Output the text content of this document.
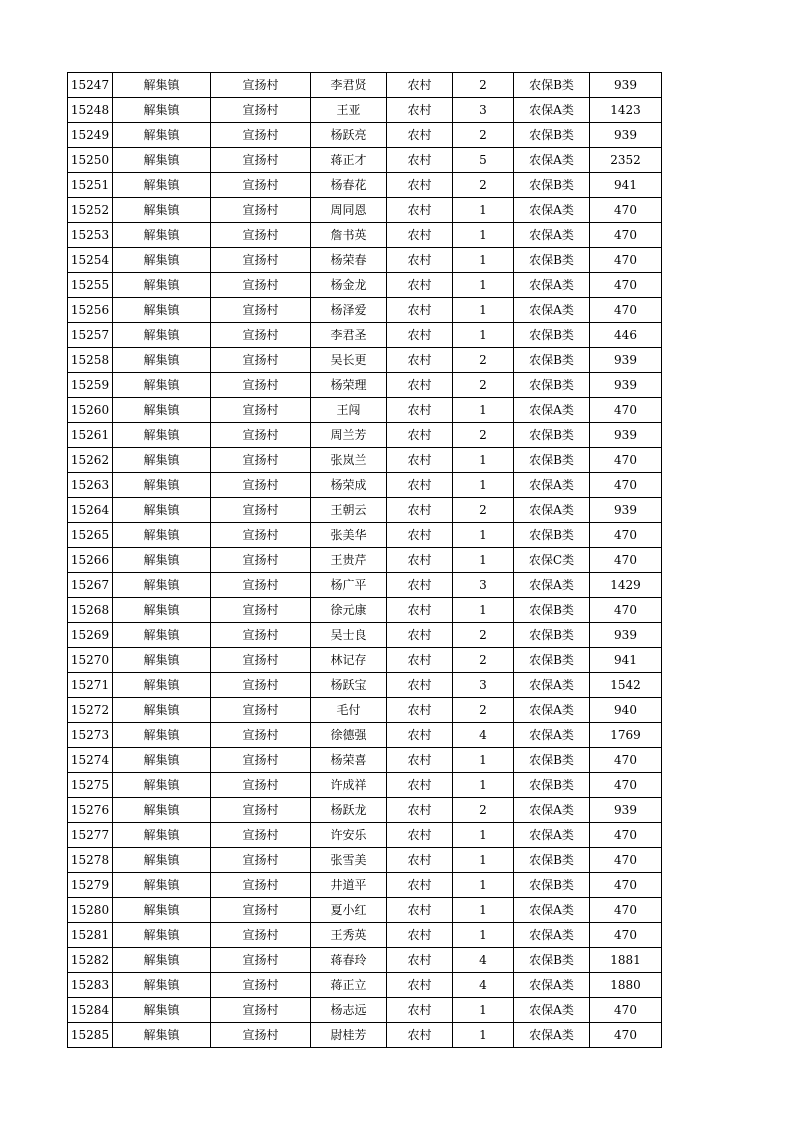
15247	解集镇	宣扬村	李君贤	农村	2	农保B类	939
15248	解集镇	宣扬村	王亚	农村	3	农保A类	1423
15249	解集镇	宣扬村	杨跃亮	农村	2	农保B类	939
15250	解集镇	宣扬村	蒋正才	农村	5	农保A类	2352
15251	解集镇	宣扬村	杨春花	农村	2	农保B类	941
15252	解集镇	宣扬村	周同恩	农村	1	农保A类	470
15253	解集镇	宣扬村	詹书英	农村	1	农保A类	470
15254	解集镇	宣扬村	杨荣春	农村	1	农保B类	470
15255	解集镇	宣扬村	杨金龙	农村	1	农保A类	470
15256	解集镇	宣扬村	杨泽爱	农村	1	农保A类	470
15257	解集镇	宣扬村	李君圣	农村	1	农保B类	446
15258	解集镇	宣扬村	吴长更	农村	2	农保B类	939
15259	解集镇	宣扬村	杨荣理	农村	2	农保B类	939
15260	解集镇	宣扬村	王闯	农村	1	农保A类	470
15261	解集镇	宣扬村	周兰芳	农村	2	农保B类	939
15262	解集镇	宣扬村	张岚兰	农村	1	农保B类	470
15263	解集镇	宣扬村	杨荣成	农村	1	农保A类	470
15264	解集镇	宣扬村	王朝云	农村	2	农保A类	939
15265	解集镇	宣扬村	张美华	农村	1	农保B类	470
15266	解集镇	宣扬村	王贵芹	农村	1	农保C类	470
15267	解集镇	宣扬村	杨广平	农村	3	农保A类	1429
15268	解集镇	宣扬村	徐元康	农村	1	农保B类	470
15269	解集镇	宣扬村	吴士良	农村	2	农保B类	939
15270	解集镇	宣扬村	林记存	农村	2	农保B类	941
15271	解集镇	宣扬村	杨跃宝	农村	3	农保A类	1542
15272	解集镇	宣扬村	毛付	农村	2	农保A类	940
15273	解集镇	宣扬村	徐德强	农村	4	农保A类	1769
15274	解集镇	宣扬村	杨荣喜	农村	1	农保B类	470
15275	解集镇	宣扬村	许成祥	农村	1	农保B类	470
15276	解集镇	宣扬村	杨跃龙	农村	2	农保A类	939
15277	解集镇	宣扬村	许安乐	农村	1	农保A类	470
15278	解集镇	宣扬村	张雪美	农村	1	农保B类	470
15279	解集镇	宣扬村	井道平	农村	1	农保B类	470
15280	解集镇	宣扬村	夏小红	农村	1	农保A类	470
15281	解集镇	宣扬村	王秀英	农村	1	农保A类	470
15282	解集镇	宣扬村	蒋春玲	农村	4	农保B类	1881
15283	解集镇	宣扬村	蒋正立	农村	4	农保A类	1880
15284	解集镇	宣扬村	杨志远	农村	1	农保A类	470
15285	解集镇	宣扬村	尉桂芳	农村	1	农保A类	470
